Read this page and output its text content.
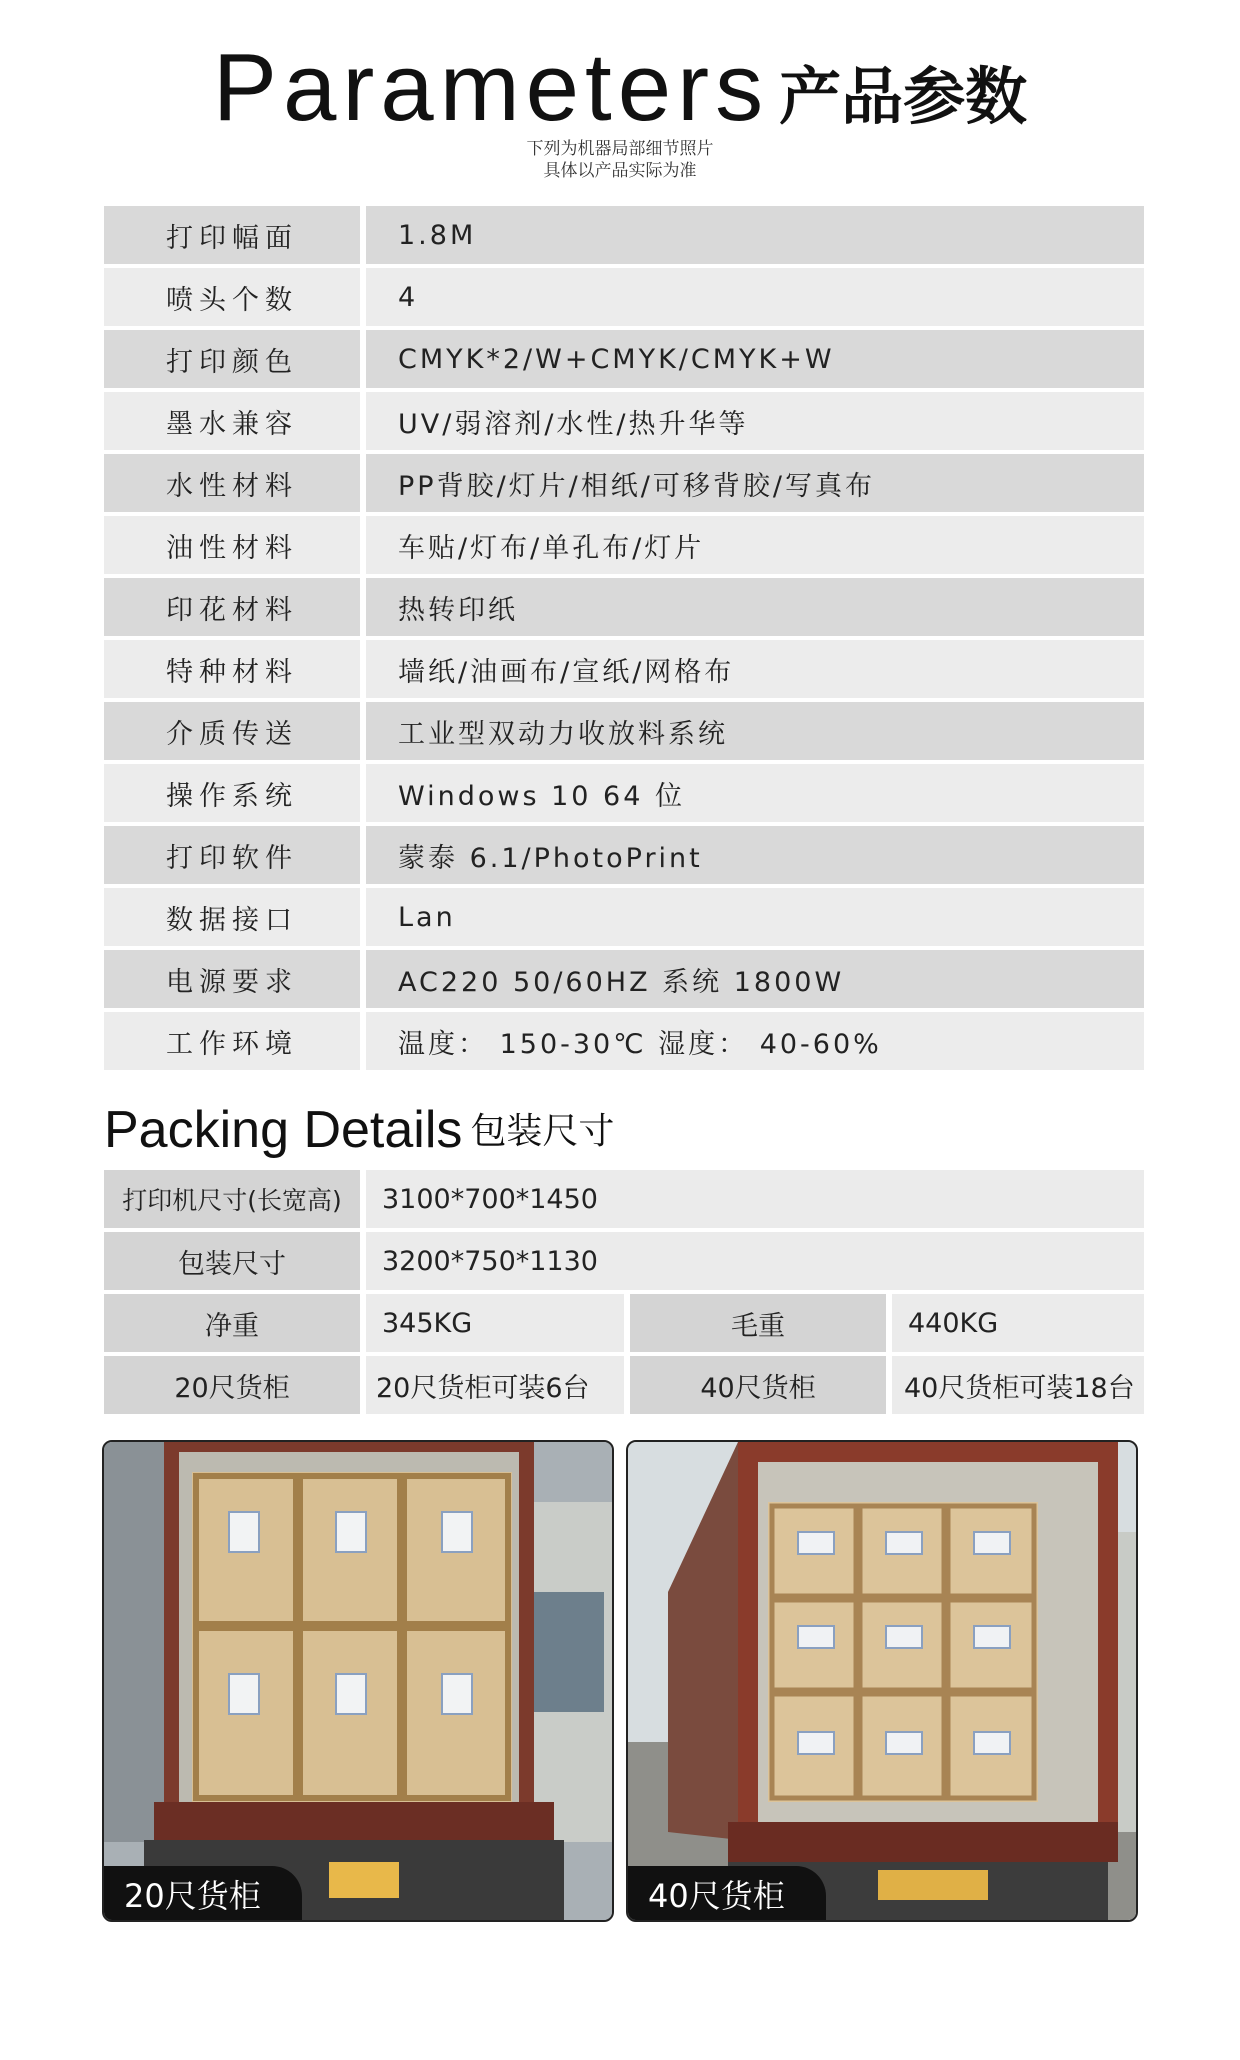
Parameters 产品参数
下列为机器局部细节照片
具体以产品实际为准
打印幅面	1.8M
喷头个数	4
打印颜色	CMYK*2/W+CMYK/CMYK+W
墨水兼容	UV/弱溶剂/水性/热升华等
水性材料	PP背胶/灯片/相纸/可移背胶/写真布
油性材料	车贴/灯布/单孔布/灯片
印花材料	热转印纸
特种材料	墙纸/油画布/宣纸/网格布
介质传送	工业型双动力收放料系统
操作系统	Windows 10 64 位
打印软件	蒙泰 6.1/PhotoPrint
数据接口	Lan
电源要求	AC220 50/60HZ 系统 1800W
工作环境	温度： 150-30℃ 湿度： 40-60%
Packing Details 包装尺寸
打印机尺寸(长宽高)	3100*700*1450
包装尺寸	3200*750*1130
净重	345KG	毛重	440KG
20尺货柜	20尺货柜可装6台	40尺货柜	40尺货柜可装18台
20尺货柜	40尺货柜
